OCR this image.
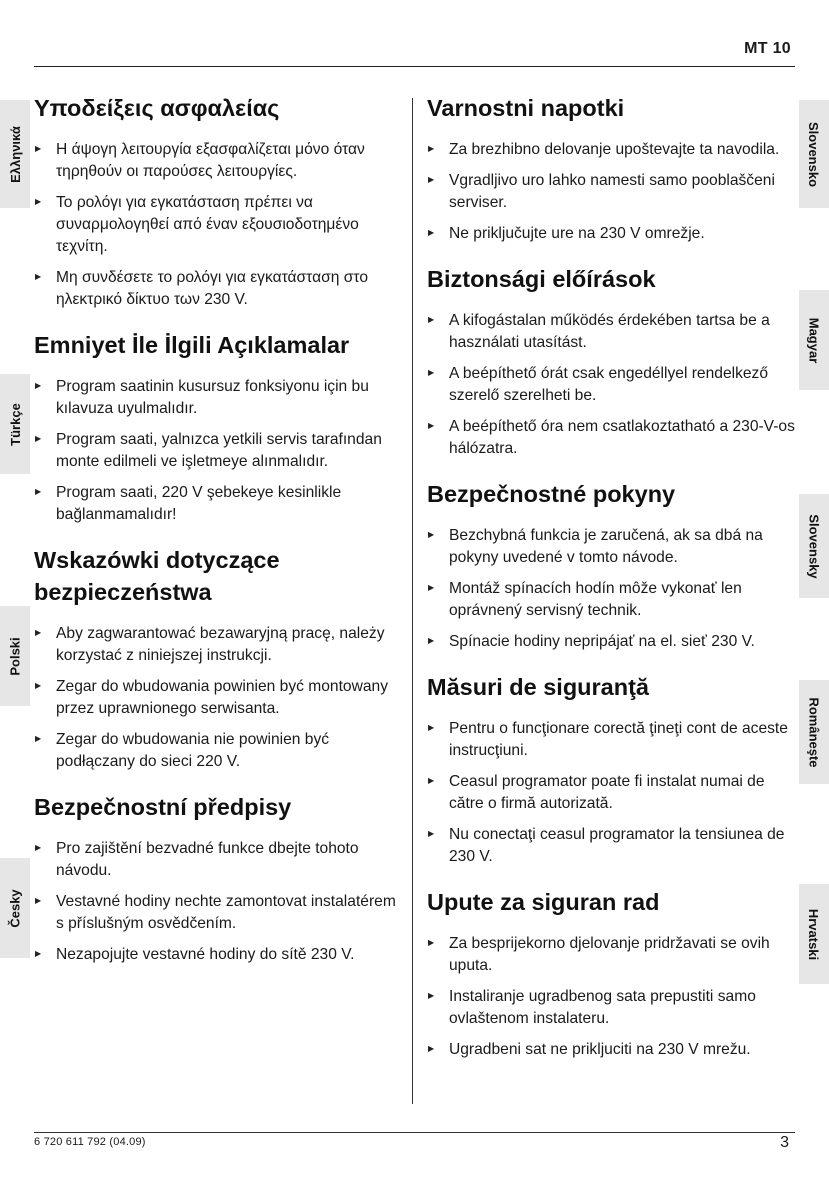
MT 10
Ελληνικά
Türkçe
Polski
Česky
Slovensko
Magyar
Slovensky
Româneşte
Hrvatski
Υποδείξεις ασφαλείας
▶ Η άψογη λειτουργία εξασφαλίζεται μόνο όταν τηρηθούν οι παρούσες λειτουργίες.
▶ Το ρολόγι για εγκατάσταση πρέπει να συναρμολογηθεί από έναν εξουσιοδοτημένο τεχνίτη.
▶ Μη συνδέσετε το ρολόγι για εγκατάσταση στο ηλεκτρικό δίκτυο των 230 V.
Emniyet İle İlgili Açıklamalar
▶ Program saatinin kusursuz fonksiyonu için bu kılavuza uyulmalıdır.
▶ Program saati, yalnızca yetkili servis tarafından monte edilmeli ve işletmeye alınmalıdır.
▶ Program saati, 220 V şebekeye kesinlikle bağlanmamalıdır!
Wskazówki dotyczące bezpieczeństwa
▶ Aby zagwarantować bezawaryjną pracę, należy korzystać z niniejszej instrukcji.
▶ Zegar do wbudowania powinien być montowany przez uprawnionego serwisanta.
▶ Zegar do wbudowania nie powinien być podłączany do sieci 220 V.
Bezpečnostní předpisy
▶ Pro zajištění bezvadné funkce dbejte tohoto návodu.
▶ Vestavné hodiny nechte zamontovat instalatérem s příslušným osvědčením.
▶ Nezapojujte vestavné hodiny do sítě 230 V.
Varnostni napotki
▶ Za brezhibno delovanje upoštevajte ta navodila.
▶ Vgradljivo uro lahko namesti samo pooblaščeni serviser.
▶ Ne priključujte ure na 230 V omrežje.
Biztonsági előírások
▶ A kifogástalan működés érdekében tartsa be a használati utasítást.
▶ A beépíthető órát csak engedéllyel rendelkező szerelő szerelheti be.
▶ A beépíthető óra nem csatlakoztatható a 230-V-os hálózatra.
Bezpečnostné pokyny
▶ Bezchybná funkcia je zaručená, ak sa dbá na pokyny uvedené v tomto návode.
▶ Montáž spínacích hodín môže vykonať len oprávnený servisný technik.
▶ Spínacie hodiny nepripájať na el. sieť 230 V.
Măsuri de siguranţă
▶ Pentru o funcţionare corectă ţineţi cont de aceste instrucţiuni.
▶ Ceasul programator poate fi instalat numai de către o firmă autorizată.
▶ Nu conectaţi ceasul programator la tensiunea de 230 V.
Upute za siguran rad
▶ Za besprijekorno djelovanje pridržavati se ovih uputa.
▶ Instaliranje ugradbenog sata prepustiti samo ovlaštenom instalateru.
▶ Ugradbeni sat ne prikljuciti na 230 V mrežu.
6 720 611 792 (04.09)	3
